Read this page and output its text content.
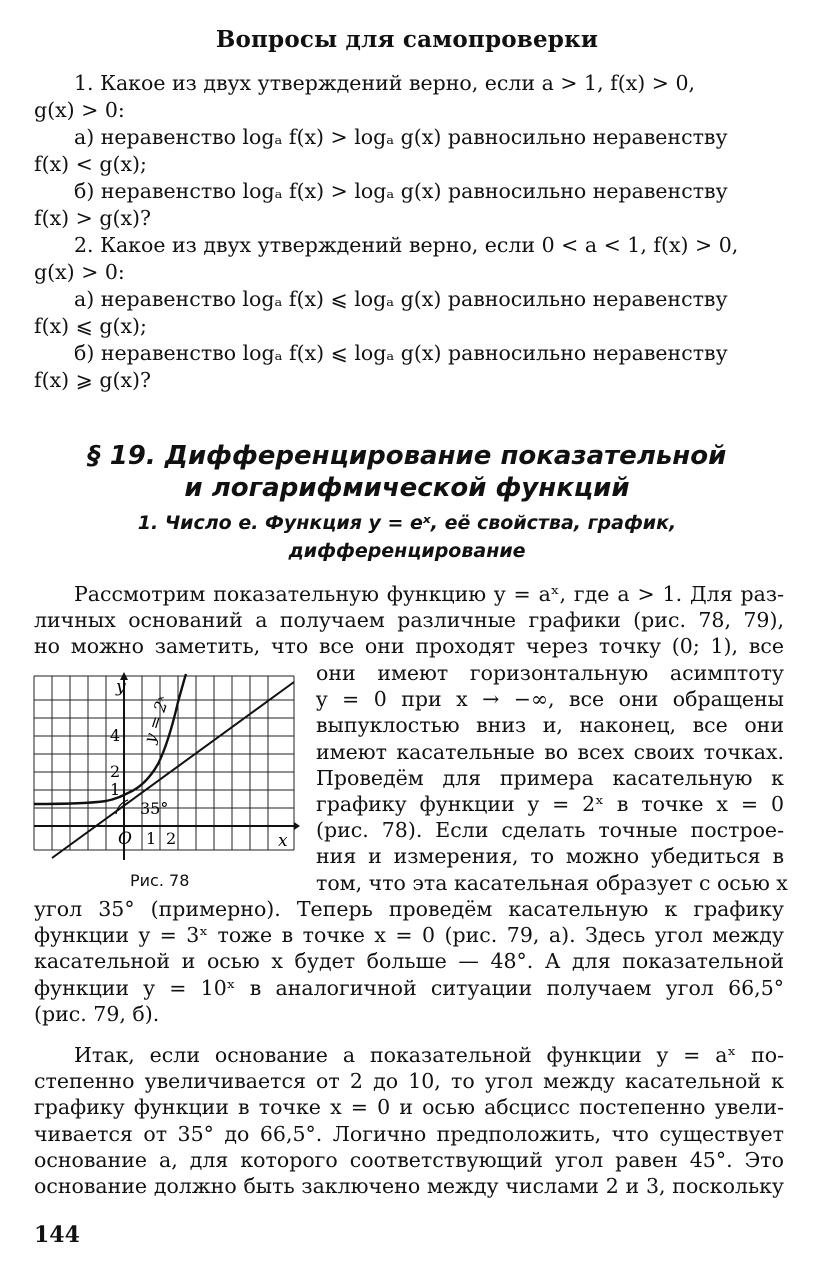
Вопросы для самопроверки
1. Какое из двух утверждений верно, если a > 1, f(x) > 0,

g(x) > 0:

а) неравенство logₐ f(x) > logₐ g(x) равносильно неравенству

f(x) < g(x);

б) неравенство logₐ f(x) > logₐ g(x) равносильно неравенству

f(x) > g(x)?

2. Какое из двух утверждений верно, если 0 < a < 1, f(x) > 0,

g(x) > 0:

а) неравенство logₐ f(x) ⩽ logₐ g(x) равносильно неравенству

f(x) ⩽ g(x);

б) неравенство logₐ f(x) ⩽ logₐ g(x) равносильно неравенству

f(x) ⩾ g(x)?

§ 19. Дифференцирование показательной
и логарифмической функций
1. Число e. Функция y = eˣ, её свойства, график,
дифференцирование
Рассмотрим показательную функцию y = aˣ, где a > 1. Для раз-
личных оснований a получаем различные графики (рис. 78, 79),
но можно заметить, что все они проходят через точку (0; 1), все
они имеют горизонтальную асимптоту
y = 0 при x → −∞, все они обращены
выпуклостью вниз и, наконец, все они
имеют касательные во всех своих точках.
Проведём для примера касательную к
графику функции y = 2ˣ в точке x = 0
(рис. 78). Если сделать точные построе-
ния и измерения, то можно убедиться в
том, что эта касательная образует с осью x
y
x
O
y = 2ˣ
4
2
1
1 2
35°
Рис. 78
угол 35° (примерно). Теперь проведём касательную к графику
функции y = 3ˣ тоже в точке x = 0 (рис. 79, а). Здесь угол между
касательной и осью x будет больше — 48°. А для показательной
функции y = 10ˣ в аналогичной ситуации получаем угол 66,5°
(рис. 79, б).
Итак, если основание a показательной функции y = aˣ по-
степенно увеличивается от 2 до 10, то угол между касательной к
графику функции в точке x = 0 и осью абсцисс постепенно увели-
чивается от 35° до 66,5°. Логично предположить, что существует
основание a, для которого соответствующий угол равен 45°. Это
основание должно быть заключено между числами 2 и 3, поскольку
144
